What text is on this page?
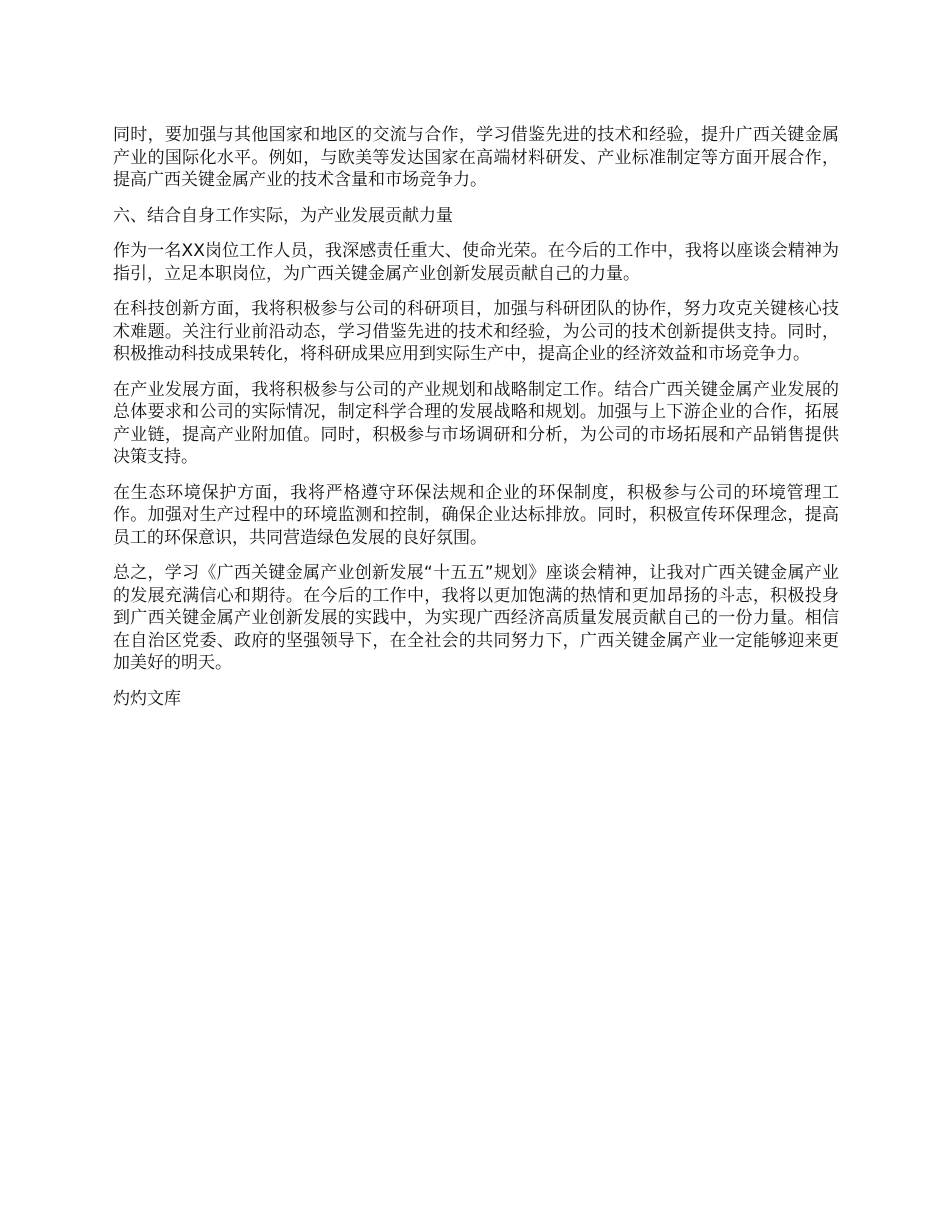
同时，要加强与其他国家和地区的交流与合作，学习借鉴先进的技术和经验，提升广西关键金属产业的国际化水平。例如，与欧美等发达国家在高端材料研发、产业标准制定等方面开展合作，提高广西关键金属产业的技术含量和市场竞争力。

六、结合自身工作实际，为产业发展贡献力量

作为一名XX岗位工作人员，我深感责任重大、使命光荣。在今后的工作中，我将以座谈会精神为指引，立足本职岗位，为广西关键金属产业创新发展贡献自己的力量。

在科技创新方面，我将积极参与公司的科研项目，加强与科研团队的协作，努力攻克关键核心技术难题。关注行业前沿动态，学习借鉴先进的技术和经验，为公司的技术创新提供支持。同时，积极推动科技成果转化，将科研成果应用到实际生产中，提高企业的经济效益和市场竞争力。

在产业发展方面，我将积极参与公司的产业规划和战略制定工作。结合广西关键金属产业发展的总体要求和公司的实际情况，制定科学合理的发展战略和规划。加强与上下游企业的合作，拓展产业链，提高产业附加值。同时，积极参与市场调研和分析，为公司的市场拓展和产品销售提供决策支持。

在生态环境保护方面，我将严格遵守环保法规和企业的环保制度，积极参与公司的环境管理工作。加强对生产过程中的环境监测和控制，确保企业达标排放。同时，积极宣传环保理念，提高员工的环保意识，共同营造绿色发展的良好氛围。

总之，学习《广西关键金属产业创新发展“十五五”规划》座谈会精神，让我对广西关键金属产业的发展充满信心和期待。在今后的工作中，我将以更加饱满的热情和更加昂扬的斗志，积极投身到广西关键金属产业创新发展的实践中，为实现广西经济高质量发展贡献自己的一份力量。相信在自治区党委、政府的坚强领导下，在全社会的共同努力下，广西关键金属产业一定能够迎来更加美好的明天。

灼灼文库
